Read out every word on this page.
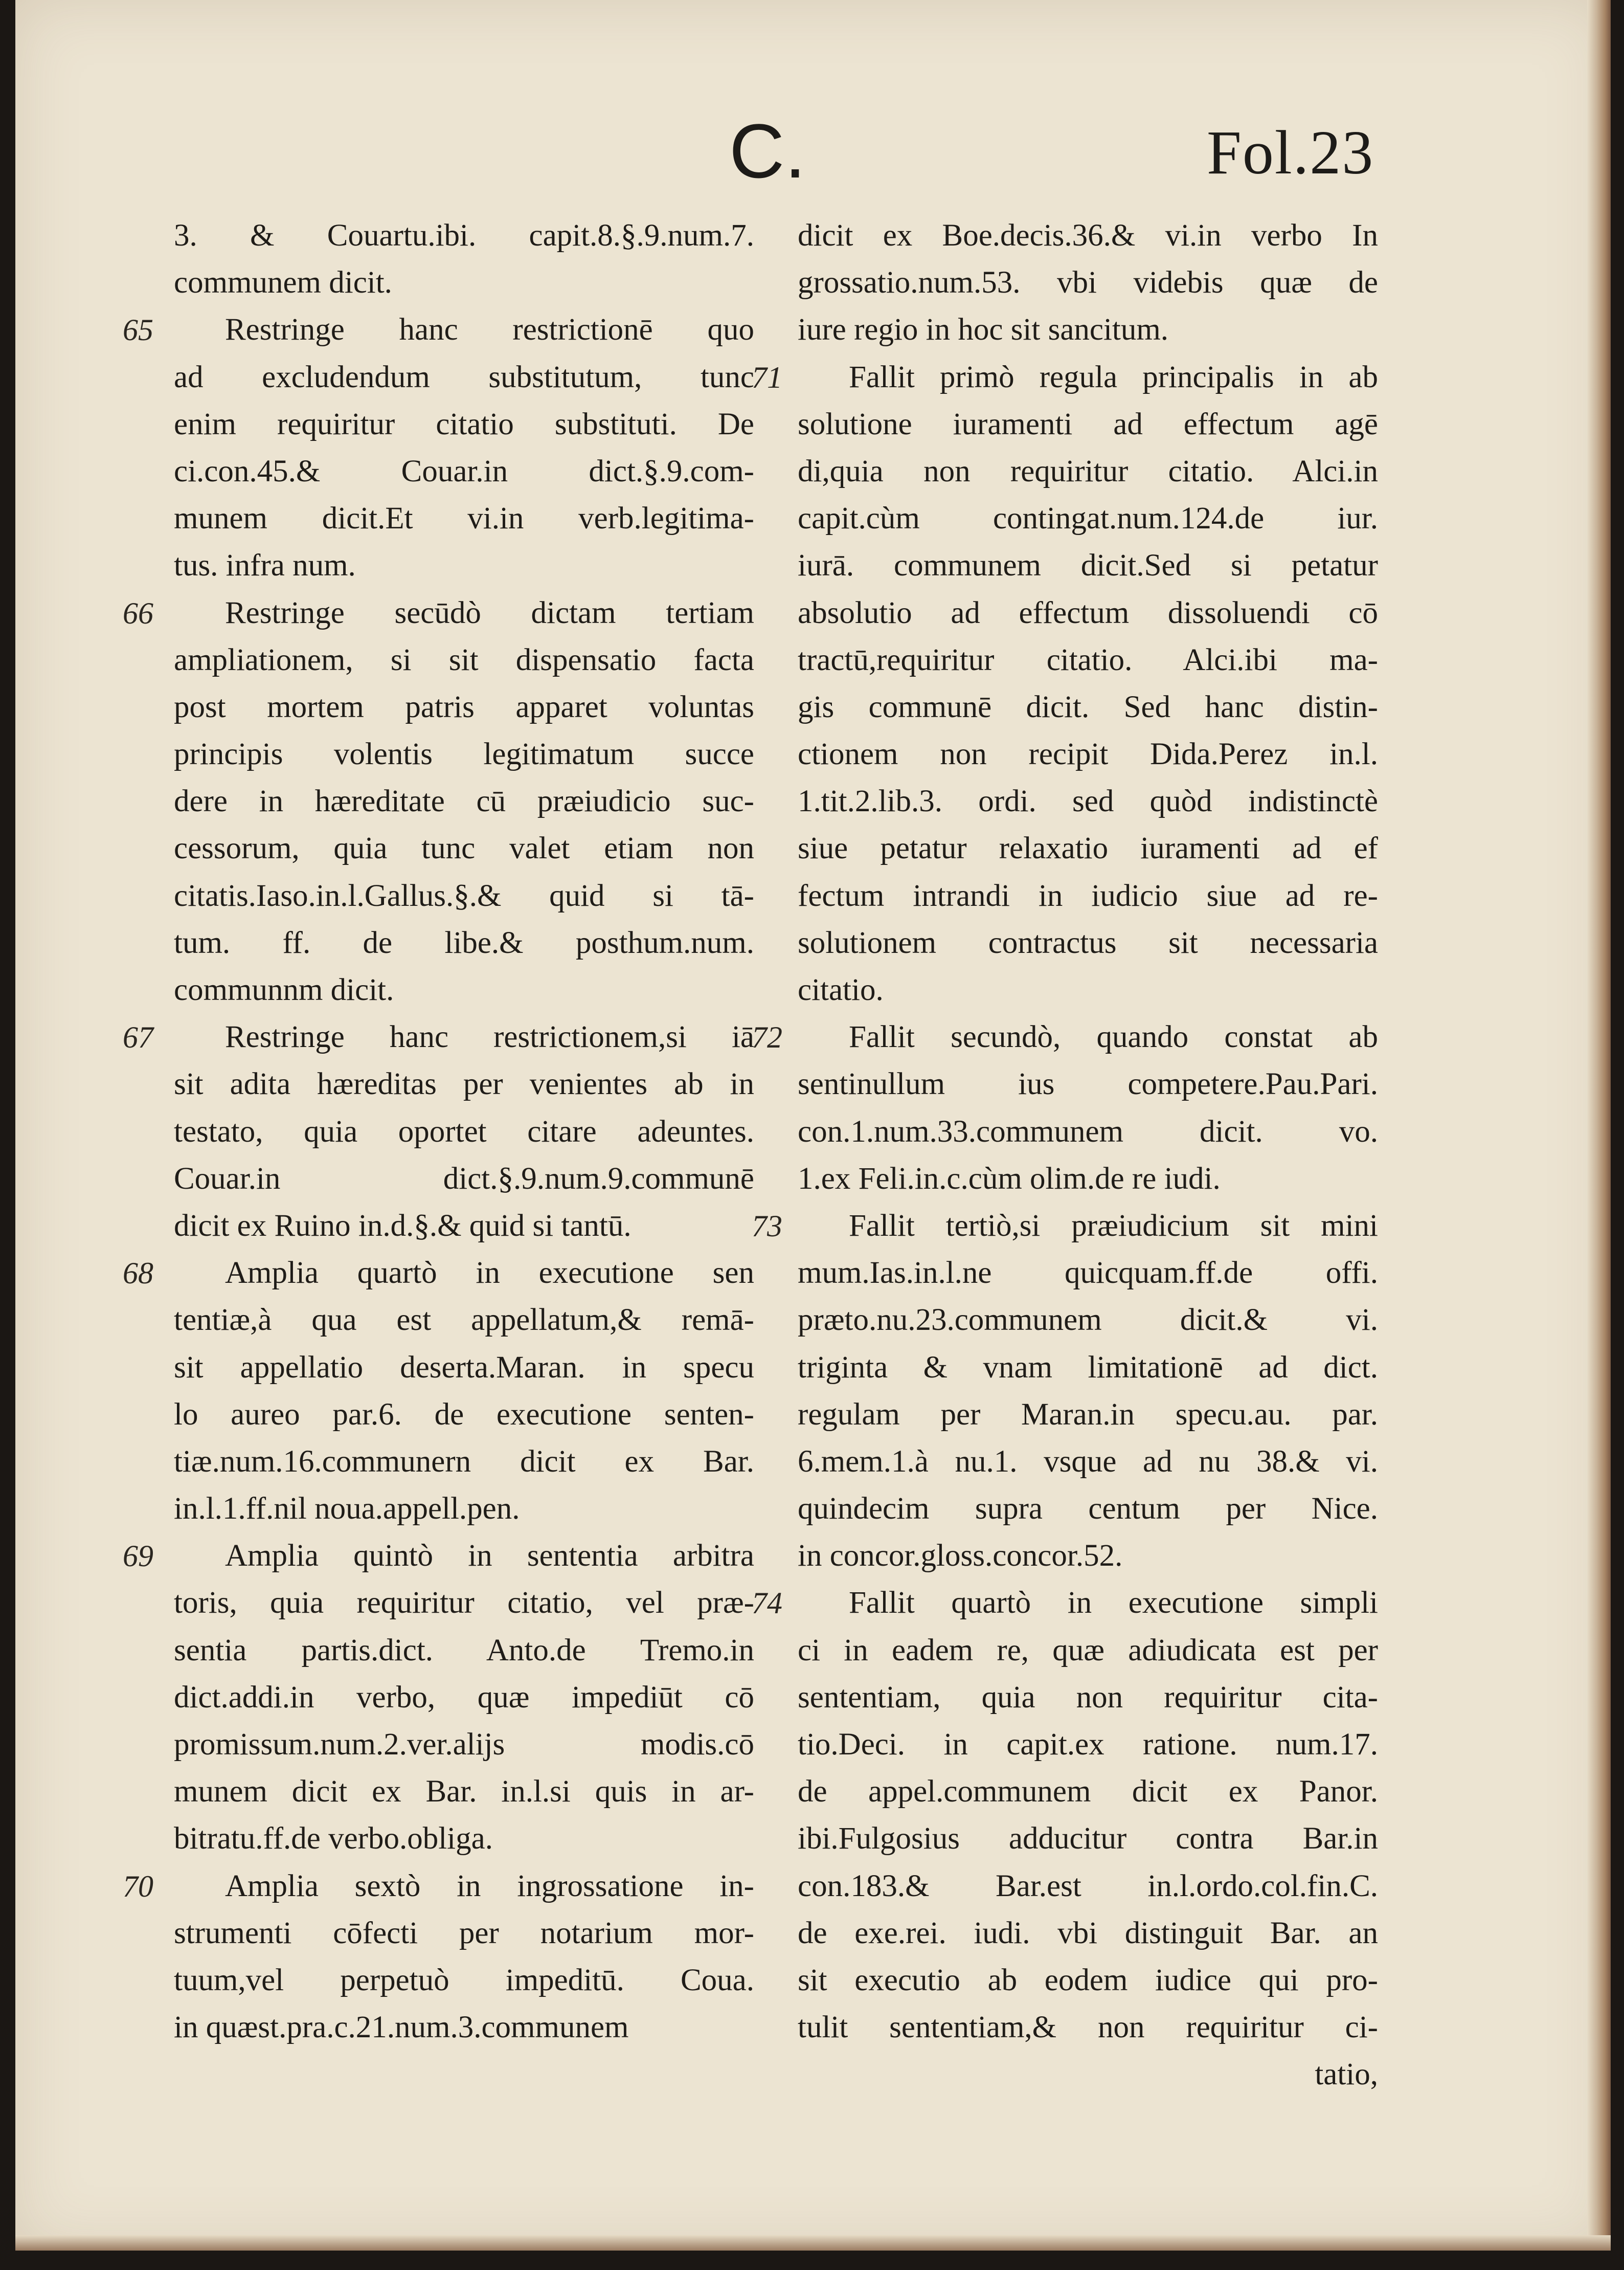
C.	Fol.23
3. & Couartu.ibi. capit.8.§.9.num.7.
communem dicit.
65	Restringe hanc restrictionē quo
ad excludendum substitutum, tunc
enim requiritur citatio substituti. De
ci.con.45.& Couar.in dict.§.9.com-
munem dicit.Et vi.in verb.legitima-
tus. infra num.
66	Restringe secūdò dictam tertiam
ampliationem, si sit dispensatio facta
post mortem patris apparet voluntas
principis volentis legitimatum succe
dere in hæreditate cū præiudicio suc-
cessorum, quia tunc valet etiam non
citatis.Iaso.in.l.Gallus.§.& quid si tā-
tum. ff. de libe.& posthum.num.
communnm dicit.
67	Restringe hanc restrictionem,si iā
sit adita hæreditas per venientes ab in
testato, quia oportet citare adeuntes.
Couar.in dict.§.9.num.9.communē
dicit ex Ruino in.d.§.& quid si tantū.
68	Amplia quartò in executione sen
tentiæ,à qua est appellatum,& remā-
sit appellatio deserta.Maran. in specu
lo aureo par.6. de executione senten-
tiæ.num.16.communern dicit ex Bar.
in.l.1.ff.nil noua.appell.pen.
69	Amplia quintò in sententia arbitra
toris, quia requiritur citatio, vel præ-
sentia partis.dict. Anto.de Tremo.in
dict.addi.in verbo, quæ impediūt cō
promissum.num.2.ver.alijs modis.cō
munem dicit ex Bar. in.l.si quis in ar-
bitratu.ff.de verbo.obliga.
70	Amplia sextò in ingrossatione in-
strumenti cōfecti per notarium mor-
tuum,vel perpetuò impeditū. Coua.
in quæst.pra.c.21.num.3.communem
dicit ex Boe.decis.36.& vi.in verbo In
grossatio.num.53. vbi videbis quæ de
iure regio in hoc sit sancitum.
71	Fallit primò regula principalis in ab
solutione iuramenti ad effectum agē
di,quia non requiritur citatio. Alci.in
capit.cùm contingat.num.124.de iur.
iurā. communem dicit.Sed si petatur
absolutio ad effectum dissoluendi cō
tractū,requiritur citatio. Alci.ibi ma-
gis communē dicit. Sed hanc distin-
ctionem non recipit Dida.Perez in.l.
1.tit.2.lib.3. ordi. sed quòd indistinctè
siue petatur relaxatio iuramenti ad ef
fectum intrandi in iudicio siue ad re-
solutionem contractus sit necessaria
citatio.
72	Fallit secundò, quando constat ab
sentinullum ius competere.Pau.Pari.
con.1.num.33.communem dicit. vo.
1.ex Feli.in.c.cùm olim.de re iudi.
73	Fallit tertiò,si præiudicium sit mini
mum.Ias.in.l.ne quicquam.ff.de offi.
præto.nu.23.communem dicit.& vi.
triginta & vnam limitationē ad dict.
regulam per Maran.in specu.au. par.
6.mem.1.à nu.1. vsque ad nu 38.& vi.
quindecim supra centum per Nice.
in concor.gloss.concor.52.
74	Fallit quartò in executione simpli
ci in eadem re, quæ adiudicata est per
sententiam, quia non requiritur cita-
tio.Deci. in capit.ex ratione. num.17.
de appel.communem dicit ex Panor.
ibi.Fulgosius adducitur contra Bar.in
con.183.& Bar.est in.l.ordo.col.fin.C.
de exe.rei. iudi. vbi distinguit Bar. an
sit executio ab eodem iudice qui pro-
tulit sententiam,& non requiritur ci-
tatio,
